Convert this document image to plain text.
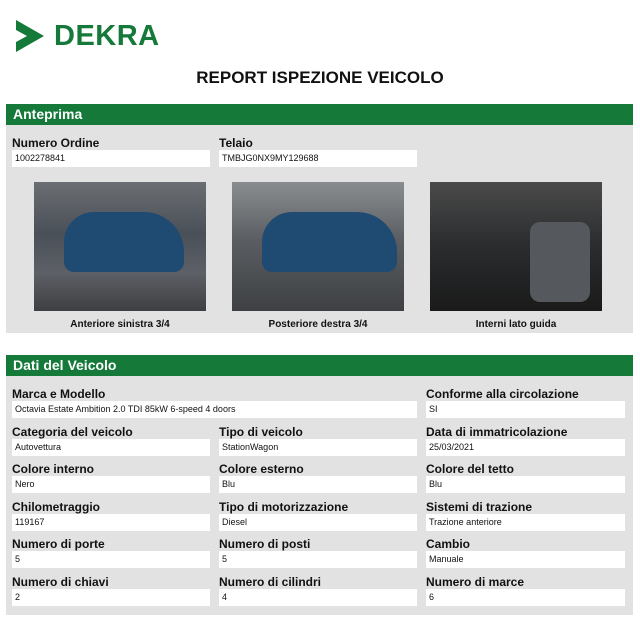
DEKRA
REPORT ISPEZIONE VEICOLO
Anteprima
Numero Ordine
1002278841
Telaio
TMBJG0NX9MY129688
Anteriore sinistra 3/4	Posteriore destra 3/4	Interni lato guida
Dati del Veicolo
Marca e Modello
Octavia Estate Ambition 2.0 TDI 85kW 6-speed 4 doors
Conforme alla circolazione
SI
Categoria del veicolo
Autovettura
Tipo di veicolo
StationWagon
Data di immatricolazione
25/03/2021
Colore interno
Nero
Colore esterno
Blu
Colore del tetto
Blu
Chilometraggio
119167
Tipo di motorizzazione
Diesel
Sistemi di trazione
Trazione anteriore
Numero di porte
5
Numero di posti
5
Cambio
Manuale
Numero di chiavi
2
Numero di cilindri
4
Numero di marce
6
